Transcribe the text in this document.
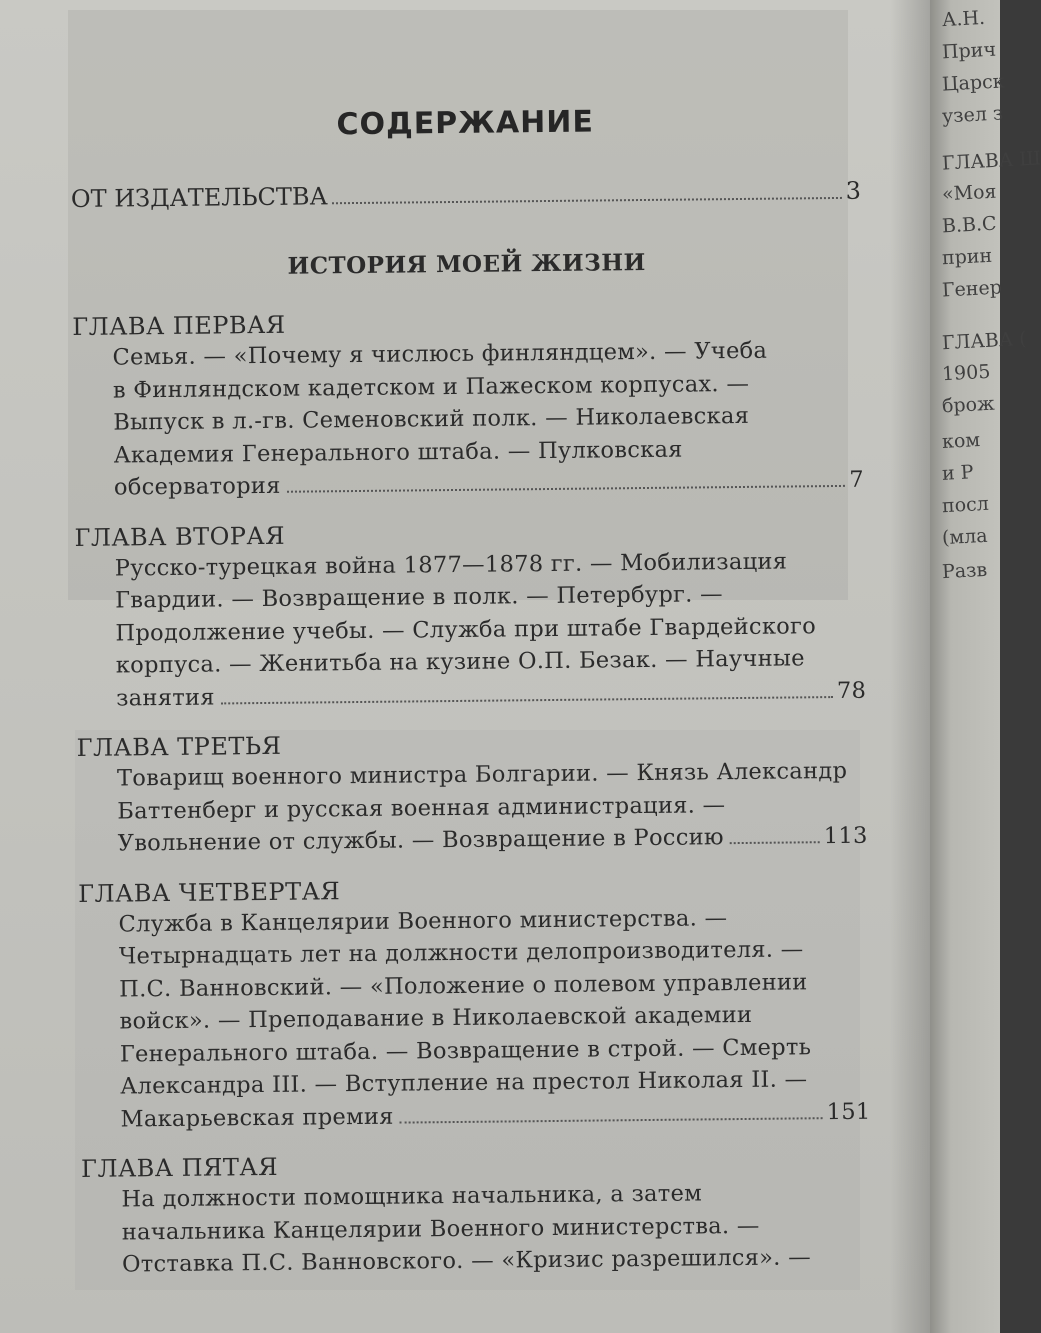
СОДЕРЖАНИЕ
ОТ ИЗДАТЕЛЬСТВА	3
ИСТОРИЯ МОЕЙ ЖИЗНИ
ГЛАВА ПЕРВАЯ
Семья. — «Почему я числюсь финляндцем». — Учеба
в Финляндском кадетском и Пажеском корпусах. —
Выпуск в л.-гв. Семеновский полк. — Николаевская
Академия Генерального штаба. — Пулковская
обсерватория	7
ГЛАВА ВТОРАЯ
Русско-турецкая война 1877—1878 гг. — Мобилизация
Гвардии. — Возвращение в полк. — Петербург. —
Продолжение учебы. — Служба при штабе Гвардейского
корпуса. — Женитьба на кузине О.П. Безак. — Научные
занятия	78
ГЛАВА ТРЕТЬЯ
Товарищ военного министра Болгарии. — Князь Александр
Баттенберг и русская военная администрация. —
Увольнение от службы. — Возвращение в Россию	113
ГЛАВА ЧЕТВЕРТАЯ
Служба в Канцелярии Военного министерства. —
Четырнадцать лет на должности делопроизводителя. —
П.С. Ванновский. — «Положение о полевом управлении
войск». — Преподавание в Николаевской академии
Генерального штаба. — Возвращение в строй. — Смерть
Александра III. — Вступление на престол Николая II. —
Макарьевская премия	151
ГЛАВА ПЯТАЯ
На должности помощника начальника, а затем
начальника Канцелярии Военного министерства. —
Отставка П.С. Ванновского. — «Кризис разрешился». —
А.Н.
Прич
Царск
узел з
ГЛАВА Ш
«Моя
В.В.С
прин
Генер
ГЛАВА (
1905
брож
ком
и Р
посл
(мла
Разв
